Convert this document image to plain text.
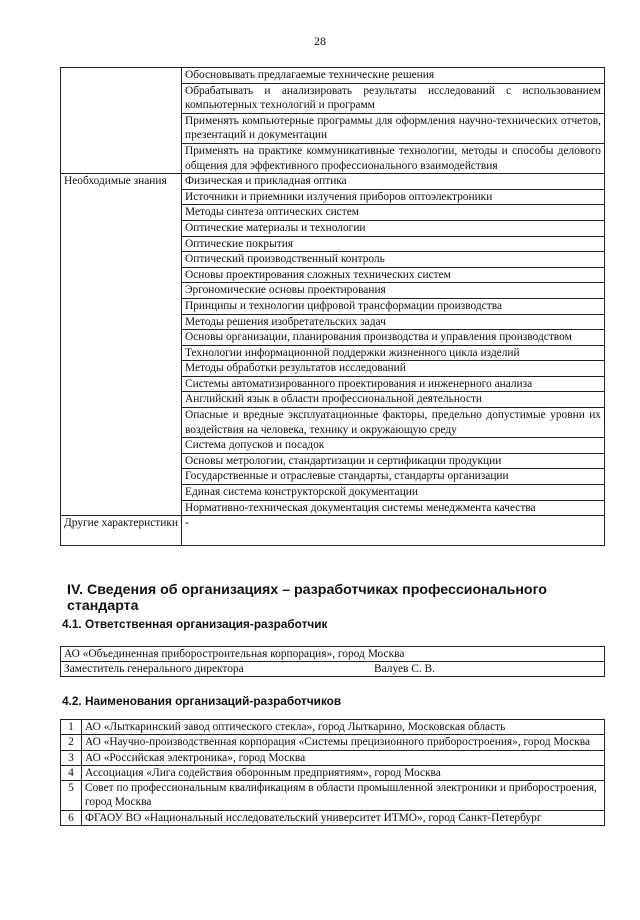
28
	Обосновывать предлагаемые технические решения
	Обрабатывать и анализировать результаты исследований с использованием компьютерных технологий и программ
	Применять компьютерные программы для оформления научно-технических отчетов, презентаций и документации
	Применять на практике коммуникативные технологии, методы и способы делового общения для эффективного профессионального взаимодействия
Необходимые знания	Физическая и прикладная оптика
	Источники и приемники излучения приборов оптоэлектроники
	Методы синтеза оптических систем
	Оптические материалы и технологии
	Оптические покрытия
	Оптический производственный контроль
	Основы проектирования сложных технических систем
	Эргономические основы проектирования
	Принципы и технологии цифровой трансформации производства
	Методы решения изобретательских задач
	Основы организации, планирования производства и управления производством
	Технологии информационной поддержки жизненного цикла изделий
	Методы обработки результатов исследований
	Системы автоматизированного проектирования и инженерного анализа
	Английский язык в области профессиональной деятельности
	Опасные и вредные эксплуатационные факторы, предельно допустимые уровни их воздействия на человека, технику и окружающую среду
	Система допусков и посадок
	Основы метрологии, стандартизации и сертификации продукции
	Государственные и отраслевые стандарты, стандарты организации
	Единая система конструкторской документации
	Нормативно-техническая документация системы менеджмента качества
Другие характеристики	-
IV. Сведения об организациях – разработчиках профессионального стандарта
4.1. Ответственная организация-разработчик
АО «Объединенная приборостроительная корпорация», город Москва

Заместитель генерального директора	Валуев С. В.
4.2. Наименования организаций-разработчиков
1	АО «Лыткаринский завод оптического стекла», город Лыткарино, Московская область
2	АО «Научно-производственная корпорация «Системы прецизионного приборостроения», город Москва
3	АО «Российская электроника», город Москва
4	Ассоциация «Лига содействия оборонным предприятиям», город Москва
5	Совет по профессиональным квалификациям в области промышленной электроники и приборостроения, город Москва
6	ФГАОУ ВО «Национальный исследовательский университет ИТМО», город Санкт-Петербург
